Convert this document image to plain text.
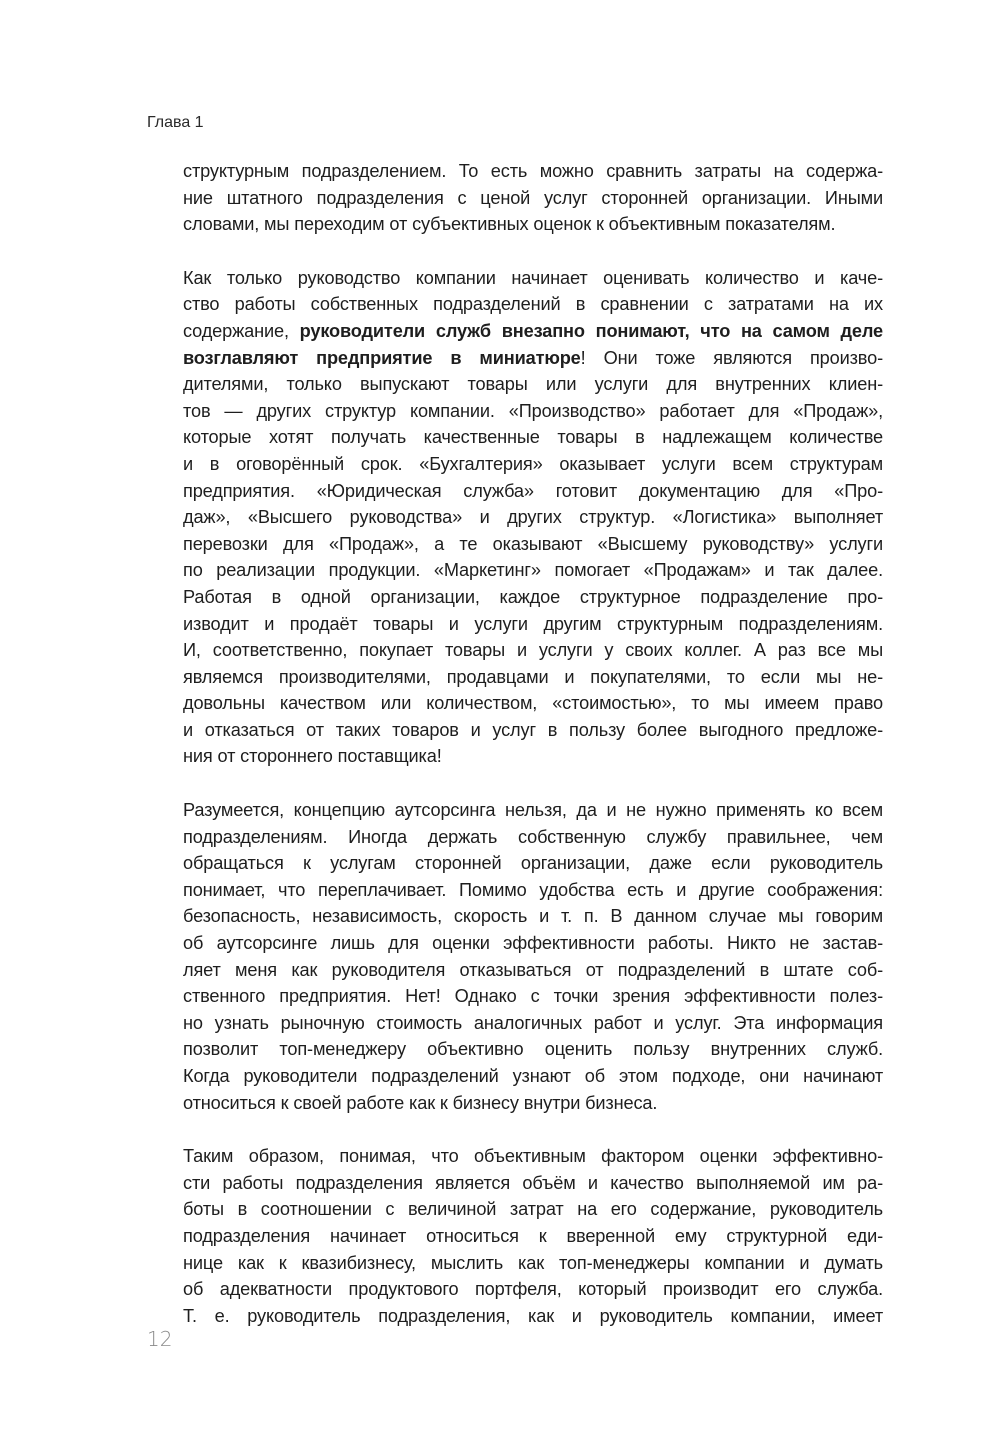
Глава 1
структурным подразделением. То есть можно сравнить затраты на содержа-
ние штатного подразделения с ценой услуг сторонней организации. Иными
словами, мы переходим от субъективных оценок к объективным показателям.
Как только руководство компании начинает оценивать количество и каче-
ство работы собственных подразделений в сравнении с затратами на их
содержание, руководители служб внезапно понимают, что на самом деле
возглавляют предприятие в миниатюре! Они тоже являются произво-
дителями, только выпускают товары или услуги для внутренних клиен-
тов — других структур компании. «Производство» работает для «Продаж»,
которые хотят получать качественные товары в надлежащем количестве
и в оговорённый срок. «Бухгалтерия» оказывает услуги всем структурам
предприятия. «Юридическая служба» готовит документацию для «Про-
даж», «Высшего руководства» и других структур. «Логистика» выполняет
перевозки для «Продаж», а те оказывают «Высшему руководству» услуги
по реализации продукции. «Маркетинг» помогает «Продажам» и так далее.
Работая в одной организации, каждое структурное подразделение про-
изводит и продаёт товары и услуги другим структурным подразделениям.
И, соответственно, покупает товары и услуги у своих коллег. А раз все мы
являемся производителями, продавцами и покупателями, то если мы не-
довольны качеством или количеством, «стоимостью», то мы имеем право
и отказаться от таких товаров и услуг в пользу более выгодного предложе-
ния от стороннего поставщика!
Разумеется, концепцию аутсорсинга нельзя, да и не нужно применять ко всем
подразделениям. Иногда держать собственную службу правильнее, чем
обращаться к услугам сторонней организации, даже если руководитель
понимает, что переплачивает. Помимо удобства есть и другие соображения:
безопасность, независимость, скорость и т. п. В данном случае мы говорим
об аутсорсинге лишь для оценки эффективности работы. Никто не застав-
ляет меня как руководителя отказываться от подразделений в штате соб-
ственного предприятия. Нет! Однако с точки зрения эффективности полез-
но узнать рыночную стоимость аналогичных работ и услуг. Эта информация
позволит топ-менеджеру объективно оценить пользу внутренних служб.
Когда руководители подразделений узнают об этом подходе, они начинают
относиться к своей работе как к бизнесу внутри бизнеса.
Таким образом, понимая, что объективным фактором оценки эффективно-
сти работы подразделения является объём и качество выполняемой им ра-
боты в соотношении с величиной затрат на его содержание, руководитель
подразделения начинает относиться к вверенной ему структурной еди-
нице как к квазибизнесу, мыслить как топ-менеджеры компании и думать
об адекватности продуктового портфеля, который производит его служба.
Т. е. руководитель подразделения, как и руководитель компании, имеет
12
